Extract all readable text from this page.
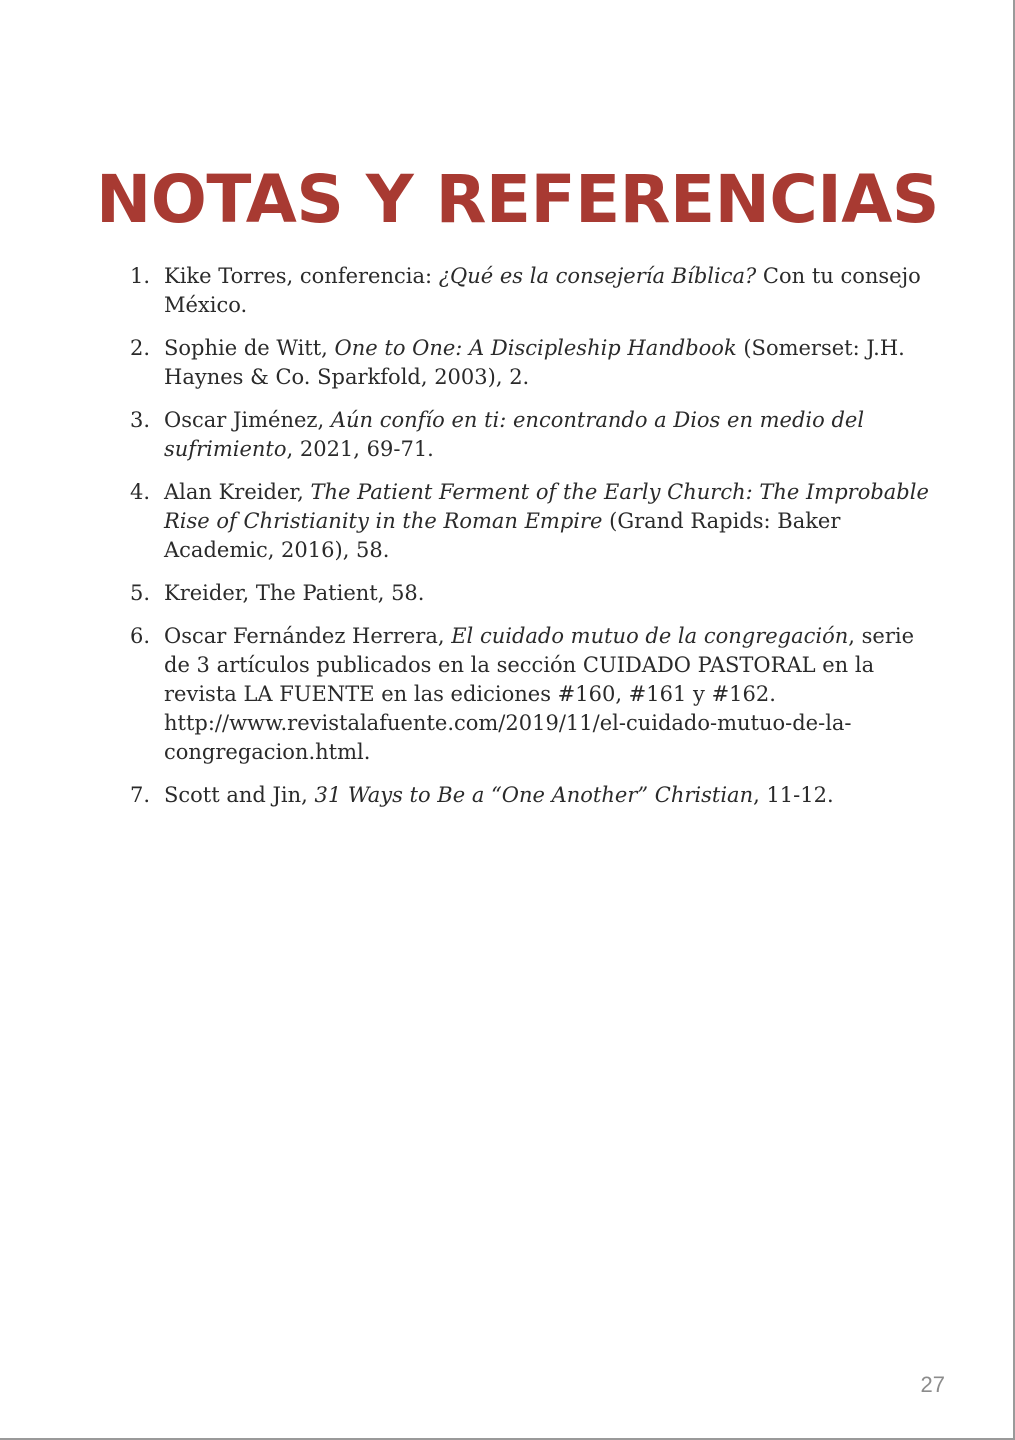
NOTAS Y REFERENCIAS
1. Kike Torres, conferencia: ¿Qué es la consejería Bíblica? Con tu consejo México.
2. Sophie de Witt, One to One: A Discipleship Handbook (Somerset: J.H. Haynes & Co. Sparkfold, 2003), 2.
3. Oscar Jiménez, Aún confío en ti: encontrando a Dios en medio del sufrimiento, 2021, 69-71.
4. Alan Kreider, The Patient Ferment of the Early Church: The Improbable Rise of Christianity in the Roman Empire (Grand Rapids: Baker Academic, 2016), 58.
5. Kreider, The Patient, 58.
6. Oscar Fernández Herrera, El cuidado mutuo de la congregación, serie de 3 artículos publicados en la sección CUIDADO PASTORAL en la revista LA FUENTE en las ediciones #160, #161 y #162. http://www.revistalafuente.com/2019/11/el-cuidado-mutuo-de-la-congregacion.html.
7. Scott and Jin, 31 Ways to Be a “One Another” Christian, 11-12.
27
